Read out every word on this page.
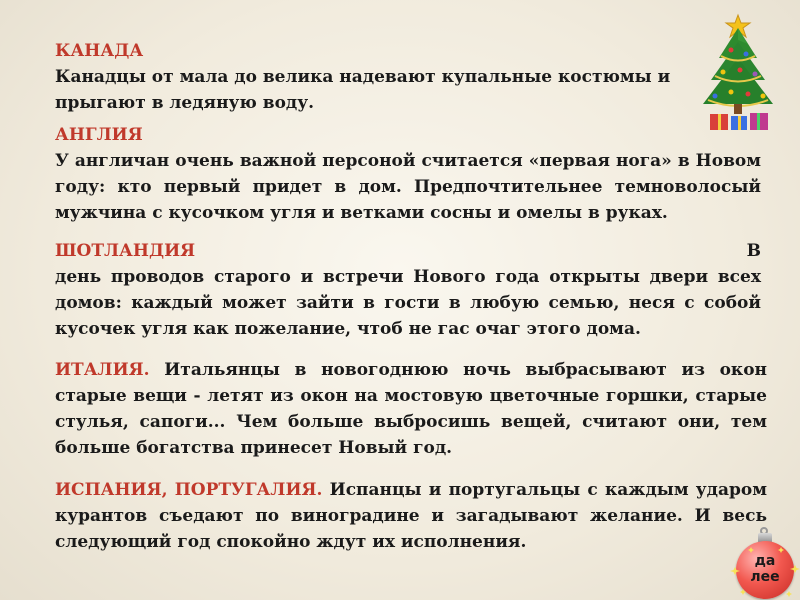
КАНАДА
Канадцы от мала до велика надевают купальные костюмы и
прыгают в ледяную воду.
АНГЛИЯ
У англичан очень важной персоной считается «первая нога» в Новом году: кто первый придет в дом. Предпочтительнее темноволосый мужчина с кусочком угля и ветками сосны и омелы в руках.
ШОТЛАНДИЯ	В
день проводов старого и встречи Нового года открыты двери всех домов: каждый может зайти в гости в любую семью, неся с собой кусочек угля как пожелание, чтоб не гас очаг этого дома.
ИТАЛИЯ. Итальянцы в новогоднюю ночь выбрасывают из окон старые вещи - летят из окон на мостовую цветочные горшки, старые стулья, сапоги... Чем больше выбросишь вещей, считают они, тем больше богатства принесет Новый год.
ИСПАНИЯ, ПОРТУГАЛИЯ. Испанцы и португальцы с каждым ударом курантов съедают по виноградине и загадывают желание. И весь следующий год спокойно ждут их исполнения.
да
лее
